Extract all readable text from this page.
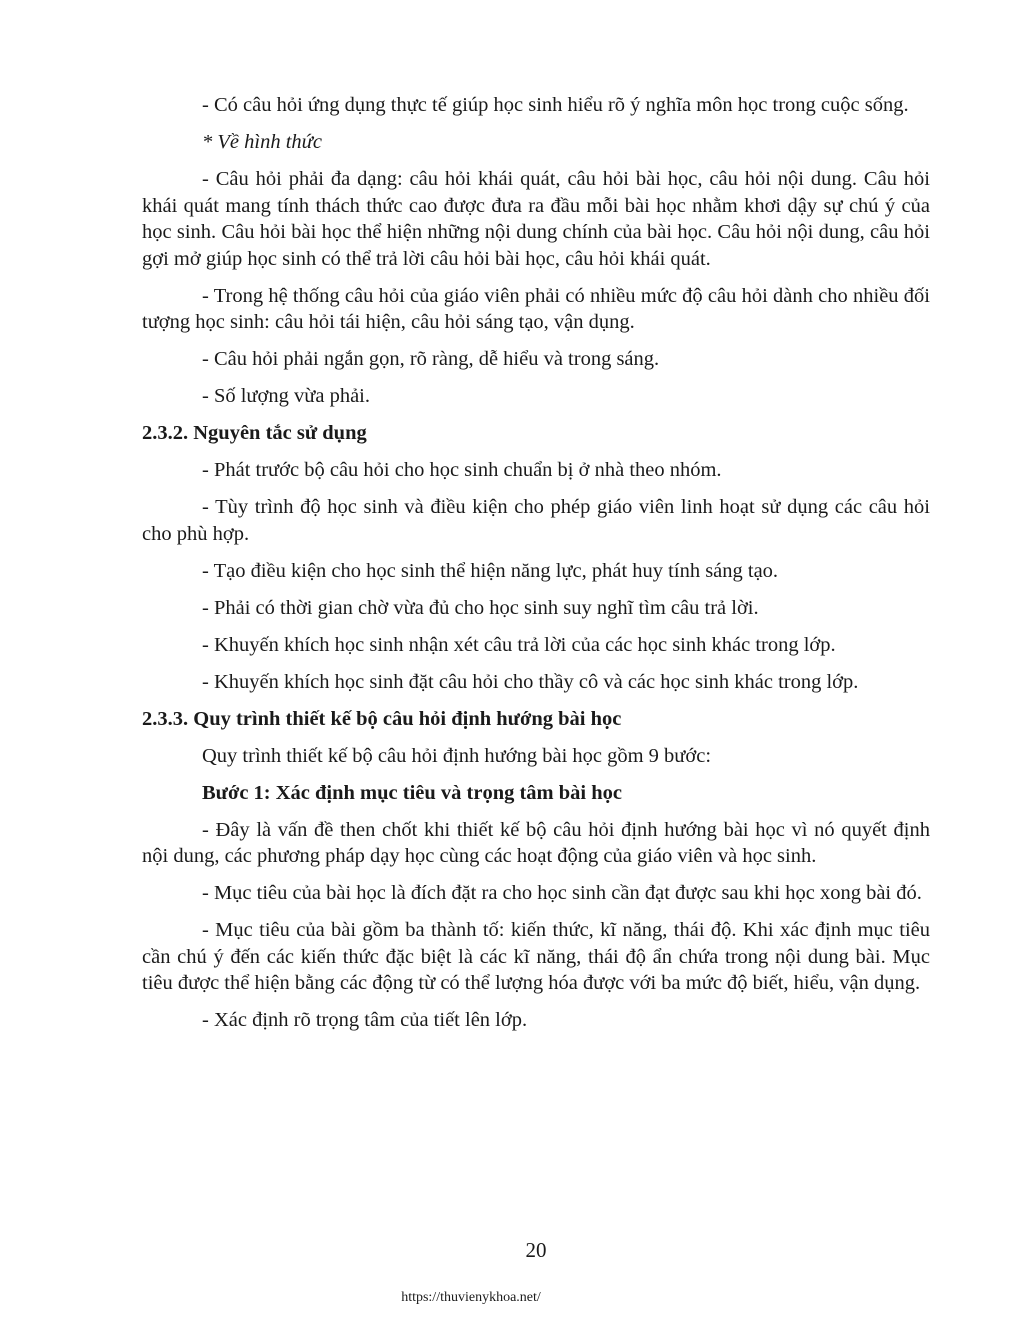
- Có câu hỏi ứng dụng thực tế giúp học sinh hiểu rõ ý nghĩa môn học trong cuộc sống.

* Về hình thức

- Câu hỏi phải đa dạng: câu hỏi khái quát, câu hỏi bài học, câu hỏi nội dung. Câu hỏi khái quát mang tính thách thức cao được đưa ra đầu mỗi bài học nhằm khơi dậy sự chú ý của học sinh. Câu hỏi bài học thể hiện những nội dung chính của bài học. Câu hỏi nội dung, câu hỏi gợi mở giúp học sinh có thể trả lời câu hỏi bài học, câu hỏi khái quát.

- Trong hệ thống câu hỏi của giáo viên phải có nhiều mức độ câu hỏi dành cho nhiều đối tượng học sinh: câu hỏi tái hiện, câu hỏi sáng tạo, vận dụng.

- Câu hỏi phải ngắn gọn, rõ ràng, dễ hiểu và trong sáng.

- Số lượng vừa phải.

2.3.2. Nguyên tắc sử dụng

- Phát trước bộ câu hỏi cho học sinh chuẩn bị ở nhà theo nhóm.

- Tùy trình độ học sinh và điều kiện cho phép giáo viên linh hoạt sử dụng các câu hỏi cho phù hợp.

- Tạo điều kiện cho học sinh thể hiện năng lực, phát huy tính sáng tạo.

- Phải có thời gian chờ vừa đủ cho học sinh suy nghĩ tìm câu trả lời.

- Khuyến khích học sinh nhận xét câu trả lời của các học sinh khác trong lớp.

- Khuyến khích học sinh đặt câu hỏi cho thầy cô và các học sinh khác trong lớp.

2.3.3. Quy trình thiết kế bộ câu hỏi định hướng bài học

Quy trình thiết kế bộ câu hỏi định hướng bài học gồm 9 bước:

Bước 1: Xác định mục tiêu và trọng tâm bài học

- Đây là vấn đề then chốt khi thiết kế bộ câu hỏi định hướng bài học vì nó quyết định nội dung, các phương pháp dạy học cùng các hoạt động của giáo viên và học sinh.

- Mục tiêu của bài học là đích đặt ra cho học sinh cần đạt được sau khi học xong bài đó.

- Mục tiêu của bài gồm ba thành tố: kiến thức, kĩ năng, thái độ. Khi xác định mục tiêu cần chú ý đến các kiến thức đặc biệt là các kĩ năng, thái độ ẩn chứa trong nội dung bài. Mục tiêu được thể hiện bằng các động từ có thể lượng hóa được với ba mức độ biết, hiểu, vận dụng.

- Xác định rõ trọng tâm của tiết lên lớp.

20
https://thuvienykhoa.net/
